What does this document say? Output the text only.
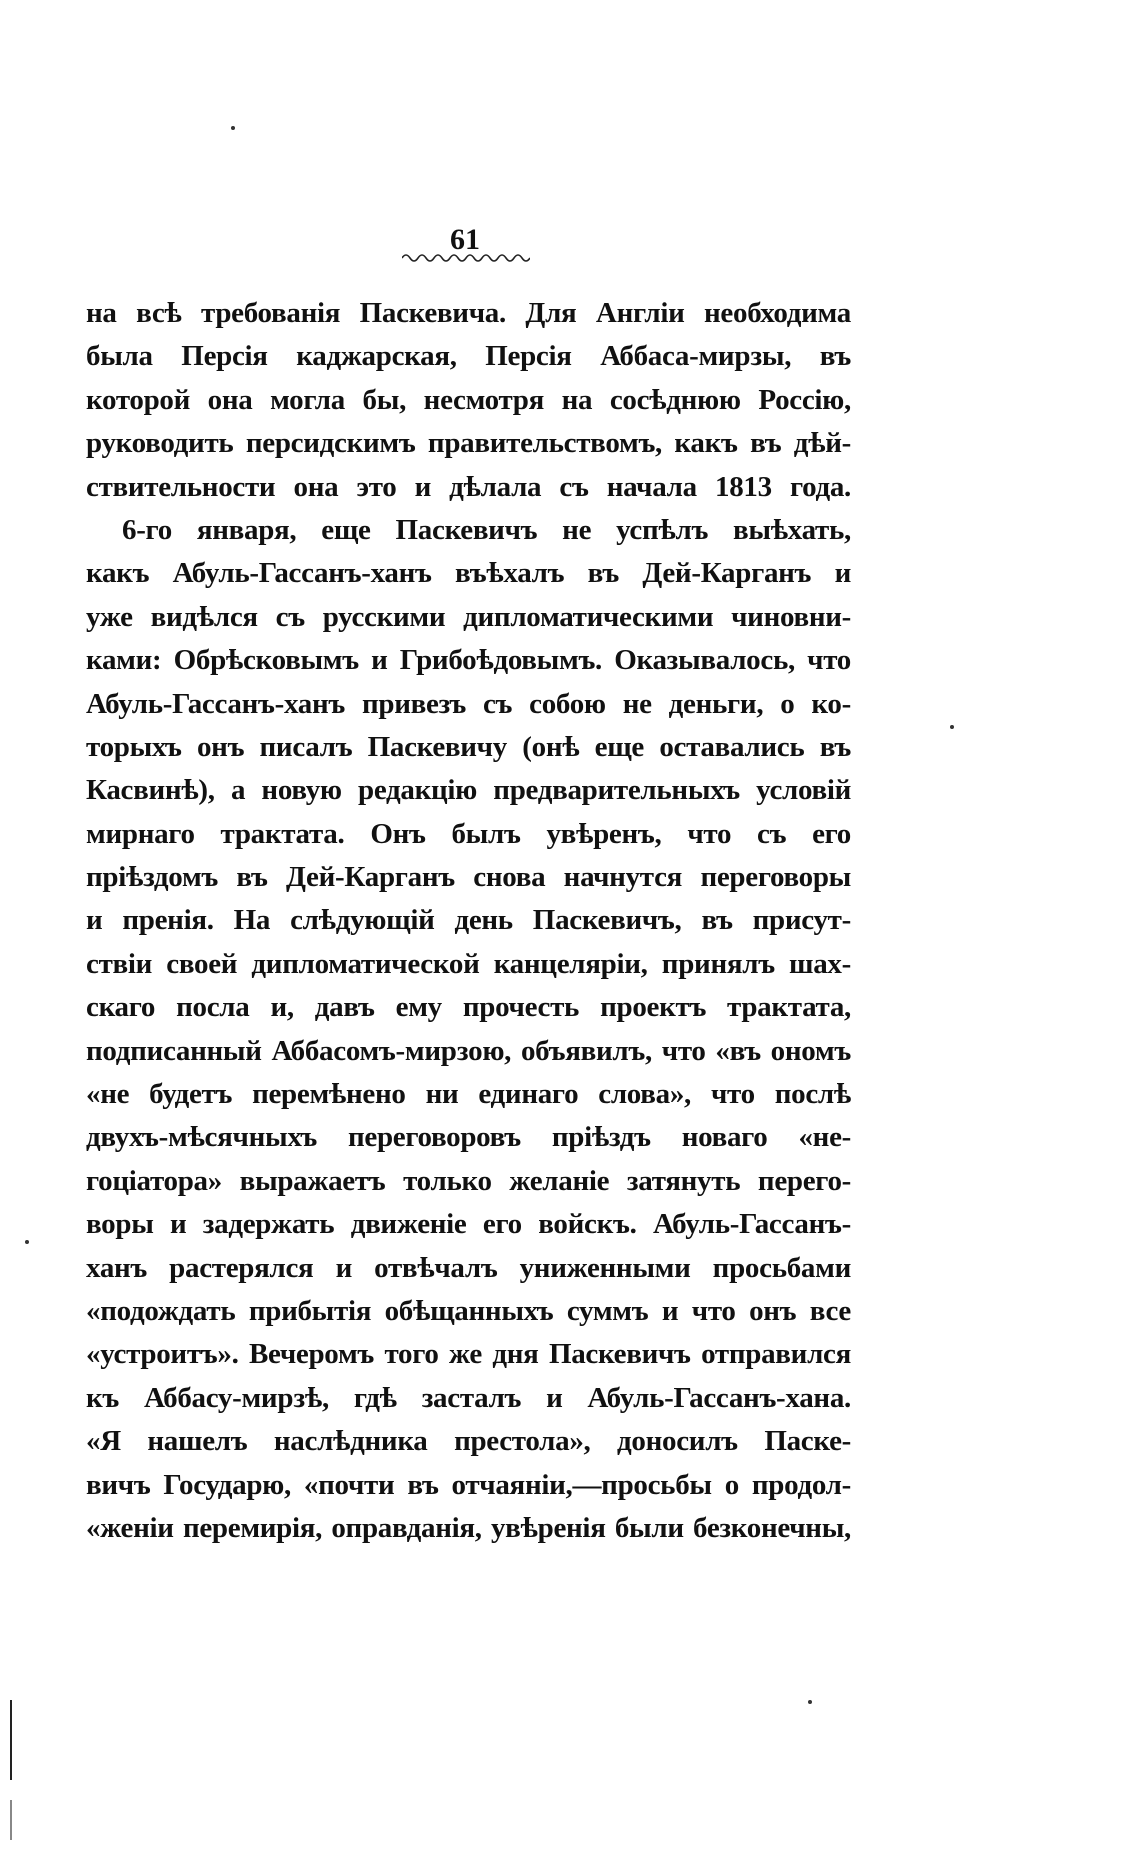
61
на всѣ требованія Паскевича. Для Англіи необходима
была Персія каджарская, Персія Аббаса-мирзы, въ
которой она могла бы, несмотря на сосѣднюю Россію,
руководить персидскимъ правительствомъ, какъ въ дѣй-
ствительности она это и дѣлала съ начала 1813 года.
6-го января, еще Паскевичъ не успѣлъ выѣхать,
какъ Абуль-Гассанъ-ханъ въѣхалъ въ Дей-Карганъ и
уже видѣлся съ русскими дипломатическими чиновни-
ками: Обрѣсковымъ и Грибоѣдовымъ. Оказывалось, что
Абуль-Гассанъ-ханъ привезъ съ собою не деньги, о ко-
торыхъ онъ писалъ Паскевичу (онѣ еще оставались въ
Касвинѣ), а новую редакцію предварительныхъ условій
мирнаго трактата. Онъ былъ увѣренъ, что съ его
пріѣздомъ въ Дей-Карганъ снова начнутся переговоры
и пренія. На слѣдующій день Паскевичъ, въ присут-
ствіи своей дипломатической канцеляріи, принялъ шах-
скаго посла и, давъ ему прочесть проектъ трактата,
подписанный Аббасомъ-мирзою, объявилъ, что «въ ономъ
«не будетъ перемѣнено ни единаго слова», что послѣ
двухъ-мѣсячныхъ переговоровъ пріѣздъ новаго «не-
гоціатора» выражаетъ только желаніе затянуть перего-
воры и задержать движеніе его войскъ. Абуль-Гассанъ-
ханъ растерялся и отвѣчалъ униженными просьбами
«подождать прибытія обѣщанныхъ суммъ и что онъ все
«устроитъ». Вечеромъ того же дня Паскевичъ отправился
къ Аббасу-мирзѣ, гдѣ засталъ и Абуль-Гассанъ-хана.
«Я нашелъ наслѣдника престола», доносилъ Паске-
вичъ Государю, «почти въ отчаяніи,—просьбы о продол-
«женіи перемирія, оправданія, увѣренія были безконечны,
